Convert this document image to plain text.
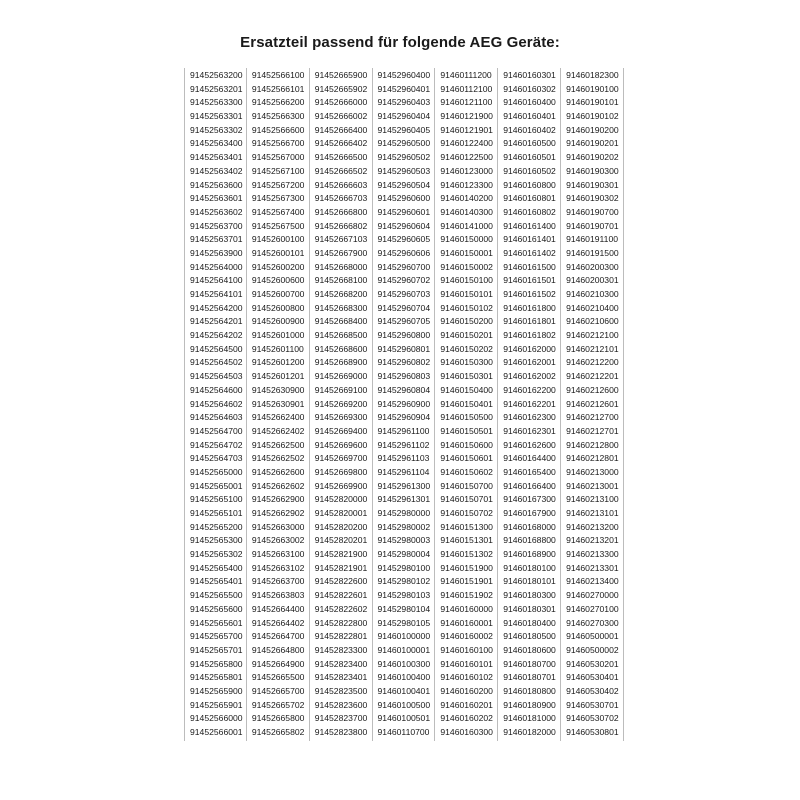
Ersatzteil passend für folgende AEG Geräte:
91452563200
91452563201
91452563300
91452563301
91452563302
91452563400
91452563401
91452563402
91452563600
91452563601
91452563602
91452563700
91452563701
91452563900
91452564000
91452564100
91452564101
91452564200
91452564201
91452564202
91452564500
91452564502
91452564503
91452564600
91452564602
91452564603
91452564700
91452564702
91452564703
91452565000
91452565001
91452565100
91452565101
91452565200
91452565300
91452565302
91452565400
91452565401
91452565500
91452565600
91452565601
91452565700
91452565701
91452565800
91452565801
91452565900
91452565901
91452566000
91452566001
91452566100
91452566101
91452566200
91452566300
91452566600
91452566700
91452567000
91452567100
91452567200
91452567300
91452567400
91452567500
91452600100
91452600101
91452600200
91452600600
91452600700
91452600800
91452600900
91452601000
91452601100
91452601200
91452601201
91452630900
91452630901
91452662400
91452662402
91452662500
91452662502
91452662600
91452662602
91452662900
91452662902
91452663000
91452663002
91452663100
91452663102
91452663700
91452663803
91452664400
91452664402
91452664700
91452664800
91452664900
91452665500
91452665700
91452665702
91452665800
91452665802
91452665900
91452665902
91452666000
91452666002
91452666400
91452666402
91452666500
91452666502
91452666603
91452666703
91452666800
91452666802
91452667103
91452667900
91452668000
91452668100
91452668200
91452668300
91452668400
91452668500
91452668600
91452668900
91452669000
91452669100
91452669200
91452669300
91452669400
91452669600
91452669700
91452669800
91452669900
91452820000
91452820001
91452820200
91452820201
91452821900
91452821901
91452822600
91452822601
91452822602
91452822800
91452822801
91452823300
91452823400
91452823401
91452823500
91452823600
91452823700
91452823800
91452960400
91452960401
91452960403
91452960404
91452960405
91452960500
91452960502
91452960503
91452960504
91452960600
91452960601
91452960604
91452960605
91452960606
91452960700
91452960702
91452960703
91452960704
91452960705
91452960800
91452960801
91452960802
91452960803
91452960804
91452960900
91452960904
91452961100
91452961102
91452961103
91452961104
91452961300
91452961301
91452980000
91452980002
91452980003
91452980004
91452980100
91452980102
91452980103
91452980104
91452980105
91460100000
91460100001
91460100300
91460100400
91460100401
91460100500
91460100501
91460110700
91460111200
91460112100
91460121100
91460121900
91460121901
91460122400
91460122500
91460123000
91460123300
91460140200
91460140300
91460141000
91460150000
91460150001
91460150002
91460150100
91460150101
91460150102
91460150200
91460150201
91460150202
91460150300
91460150301
91460150400
91460150401
91460150500
91460150501
91460150600
91460150601
91460150602
91460150700
91460150701
91460150702
91460151300
91460151301
91460151302
91460151900
91460151901
91460151902
91460160000
91460160001
91460160002
91460160100
91460160101
91460160102
91460160200
91460160201
91460160202
91460160300
91460160301
91460160302
91460160400
91460160401
91460160402
91460160500
91460160501
91460160502
91460160800
91460160801
91460160802
91460161400
91460161401
91460161402
91460161500
91460161501
91460161502
91460161800
91460161801
91460161802
91460162000
91460162001
91460162002
91460162200
91460162201
91460162300
91460162301
91460162600
91460164400
91460165400
91460166400
91460167300
91460167900
91460168000
91460168800
91460168900
91460180100
91460180101
91460180300
91460180301
91460180400
91460180500
91460180600
91460180700
91460180701
91460180800
91460180900
91460181000
91460182000
91460182300
91460190100
91460190101
91460190102
91460190200
91460190201
91460190202
91460190300
91460190301
91460190302
91460190700
91460190701
91460191100
91460191500
91460200300
91460200301
91460210300
91460210400
91460210600
91460212100
91460212101
91460212200
91460212201
91460212600
91460212601
91460212700
91460212701
91460212800
91460212801
91460213000
91460213001
91460213100
91460213101
91460213200
91460213201
91460213300
91460213301
91460213400
91460270000
91460270100
91460270300
91460500001
91460500002
91460530201
91460530401
91460530402
91460530701
91460530702
91460530801
